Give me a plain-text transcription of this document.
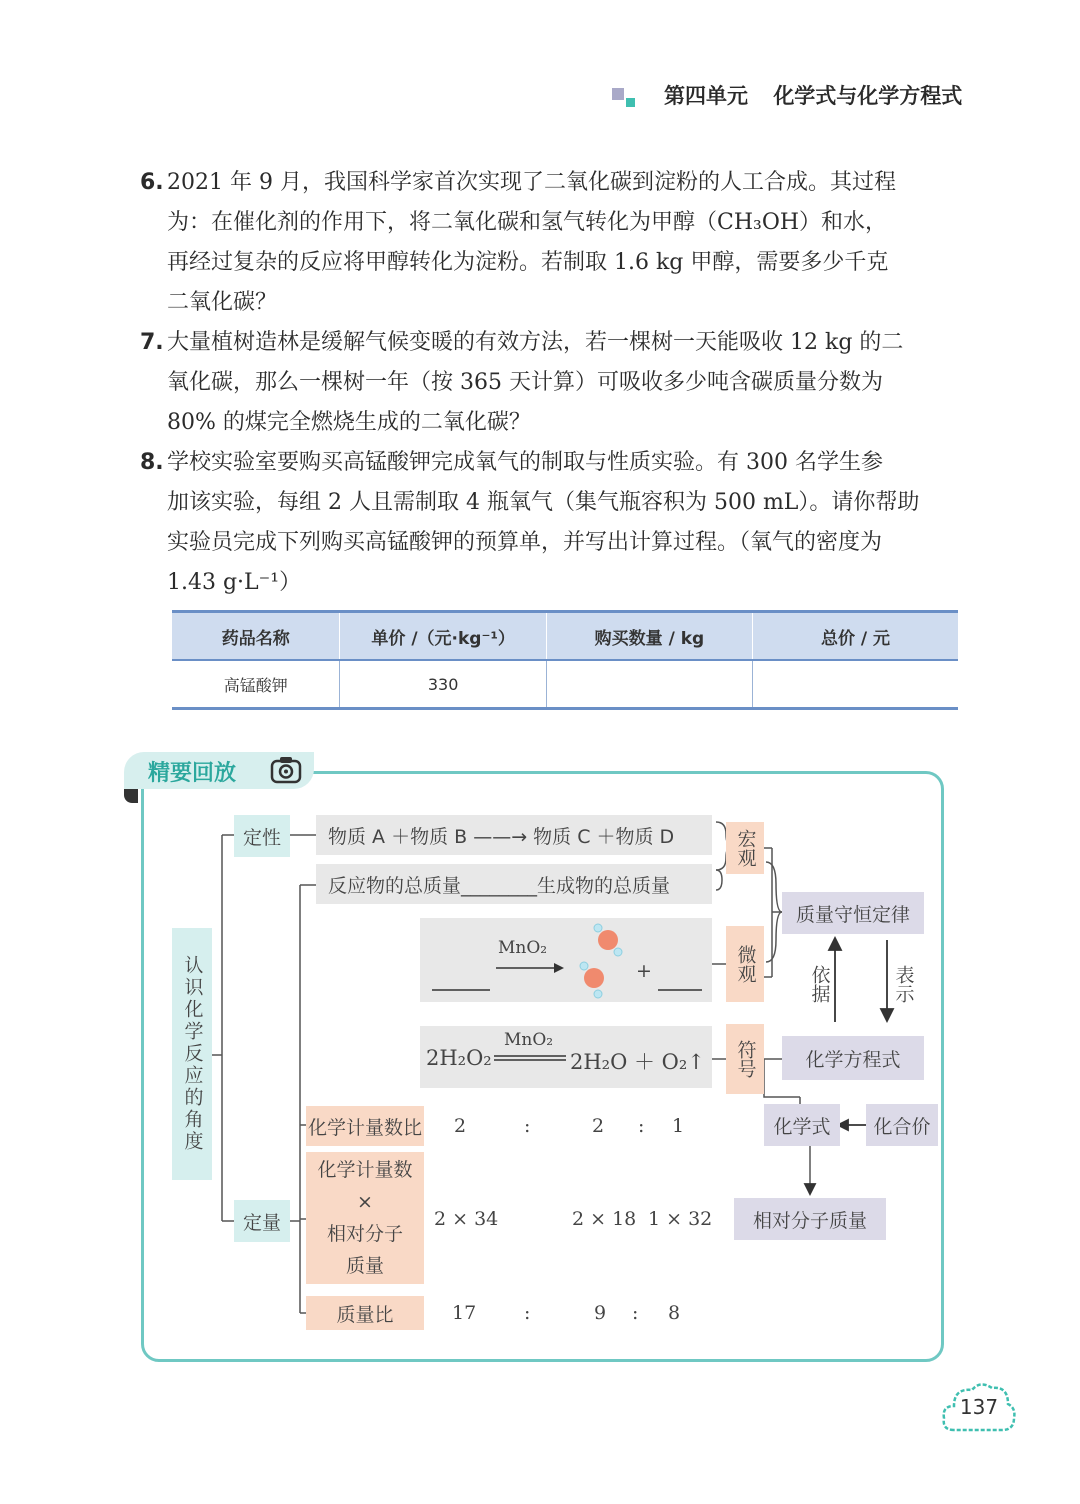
第四单元 化学式与化学方程式
6. 2021 年 9 月，我国科学家首次实现了二氧化碳到淀粉的人工合成。其过程
为：在催化剂的作用下，将二氧化碳和氢气转化为甲醇（CH₃OH）和水，
再经过复杂的反应将甲醇转化为淀粉。若制取 1.6 kg 甲醇，需要多少千克
二氧化碳？
7. 大量植树造林是缓解气候变暖的有效方法，若一棵树一天能吸收 12 kg 的二
氧化碳，那么一棵树一年（按 365 天计算）可吸收多少吨含碳质量分数为
80% 的煤完全燃烧生成的二氧化碳？
8. 学校实验室要购买高锰酸钾完成氧气的制取与性质实验。有 300 名学生参
加该实验，每组 2 人且需制取 4 瓶氧气（集气瓶容积为 500 mL）。请你帮助
实验员完成下列购买高锰酸钾的预算单，并写出计算过程。（氧气的密度为
1.43 g·L⁻¹）
药品名称	单价 /（元·kg⁻¹）	购买数量 / kg	总价 / 元
高锰酸钾	330		
精要回放
认识化学反应的角度
定性
定量
物质 A ＋物质 B ——→ 物质 C ＋物质 D
反应物的总质量________生成物的总质量
MnO₂
+
2H₂O₂
MnO₂
2H₂O ＋ O₂↑
宏观
微观
符号
质量守恒定律
依据	表示
化学方程式
化学式	化合价
相对分子质量
化学计量数比
化学计量数
×
相对分子
质量
质量比
2	:	2 : 1
2 × 34	2 × 18 1 × 32
17	:	9 : 8
137
